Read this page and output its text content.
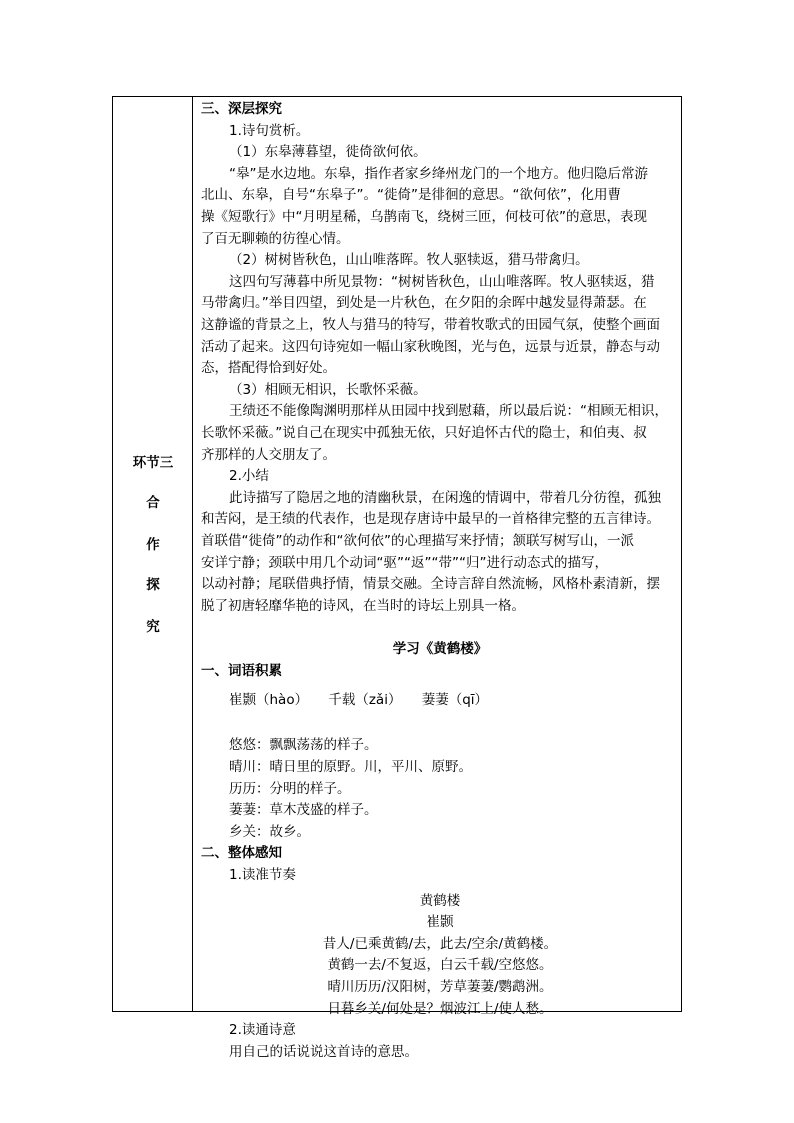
环节三
合
作
探
究
三、深层探究
1.诗句赏析。
（1）东皋薄暮望，徙倚欲何依。
“皋”是水边地。东皋，指作者家乡绛州龙门的一个地方。他归隐后常游
北山、东皋，自号“东皋子”。“徙倚”是徘徊的意思。“欲何依”，化用曹
操《短歌行》中“月明星稀，乌鹊南飞，绕树三匝，何枝可依”的意思，表现
了百无聊赖的彷徨心情。
（2）树树皆秋色，山山唯落晖。牧人驱犊返，猎马带禽归。
这四句写薄暮中所见景物：“树树皆秋色，山山唯落晖。牧人驱犊返，猎
马带禽归。”举目四望，到处是一片秋色，在夕阳的余晖中越发显得萧瑟。在
这静谧的背景之上，牧人与猎马的特写，带着牧歌式的田园气氛，使整个画面
活动了起来。这四句诗宛如一幅山家秋晚图，光与色，远景与近景，静态与动
态，搭配得恰到好处。
（3）相顾无相识，长歌怀采薇。
王绩还不能像陶渊明那样从田园中找到慰藉，所以最后说：“相顾无相识，
长歌怀采薇。”说自己在现实中孤独无依，只好追怀古代的隐士，和伯夷、叔
齐那样的人交朋友了。
2.小结
此诗描写了隐居之地的清幽秋景，在闲逸的情调中，带着几分彷徨，孤独
和苦闷，是王绩的代表作，也是现存唐诗中最早的一首格律完整的五言律诗。
首联借“徙倚”的动作和“欲何依”的心理描写来抒情；颔联写树写山，一派
安详宁静；颈联中用几个动词“驱”“返”“带”“归”进行动态式的描写，
以动衬静；尾联借典抒情，情景交融。全诗言辞自然流畅，风格朴素清新，摆
脱了初唐轻靡华艳的诗风，在当时的诗坛上别具一格。
学习《黄鹤楼》
一、词语积累
崔颢（hào）　　千载（zǎi）　　萋萋（qī）
悠悠：飘飘荡荡的样子。
晴川：晴日里的原野。川，平川、原野。
历历：分明的样子。
萋萋：草木茂盛的样子。
乡关：故乡。
二、整体感知
1.读准节奏
黄鹤楼
崔颢
昔人/已乘黄鹤/去，此去/空余/黄鹤楼。
黄鹤一去/不复返，白云千载/空悠悠。
晴川历历/汉阳树，芳草萋萋/鹦鹉洲。
日暮乡关/何处是？烟波江上/使人愁。
2.读通诗意
用自己的话说说这首诗的意思。
